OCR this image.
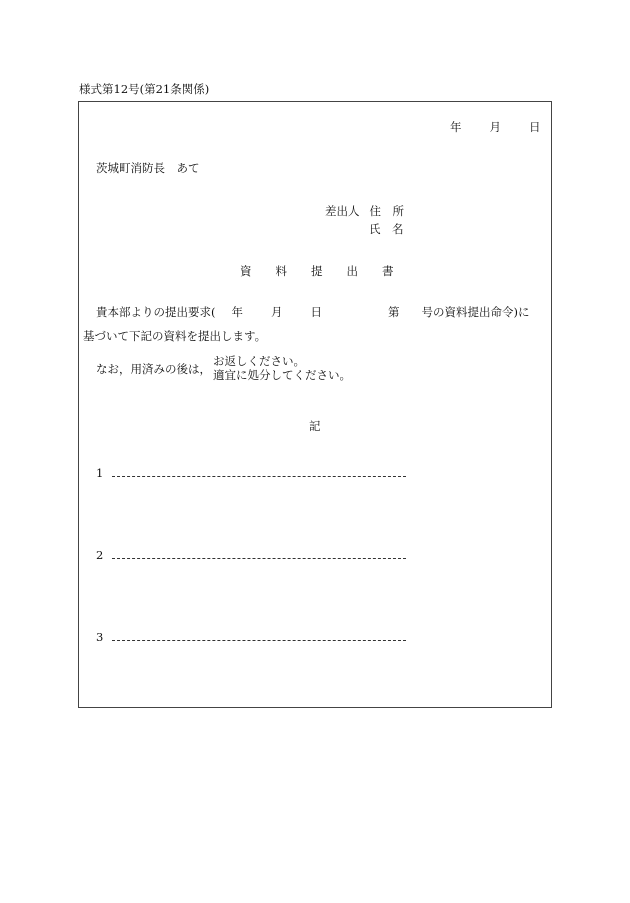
様式第12号(第21条関係)
年 月 日
茨城町消防長　あて
差出人 住　所
氏　名
資 料 提 出 書
貴本部よりの提出要求( 年 月 日	第 号の資料提出命令)に
基づいて下記の資料を提出します。
なお，用済みの後は，
お返しください。
適宜に処分してください。
記
1
2
3
